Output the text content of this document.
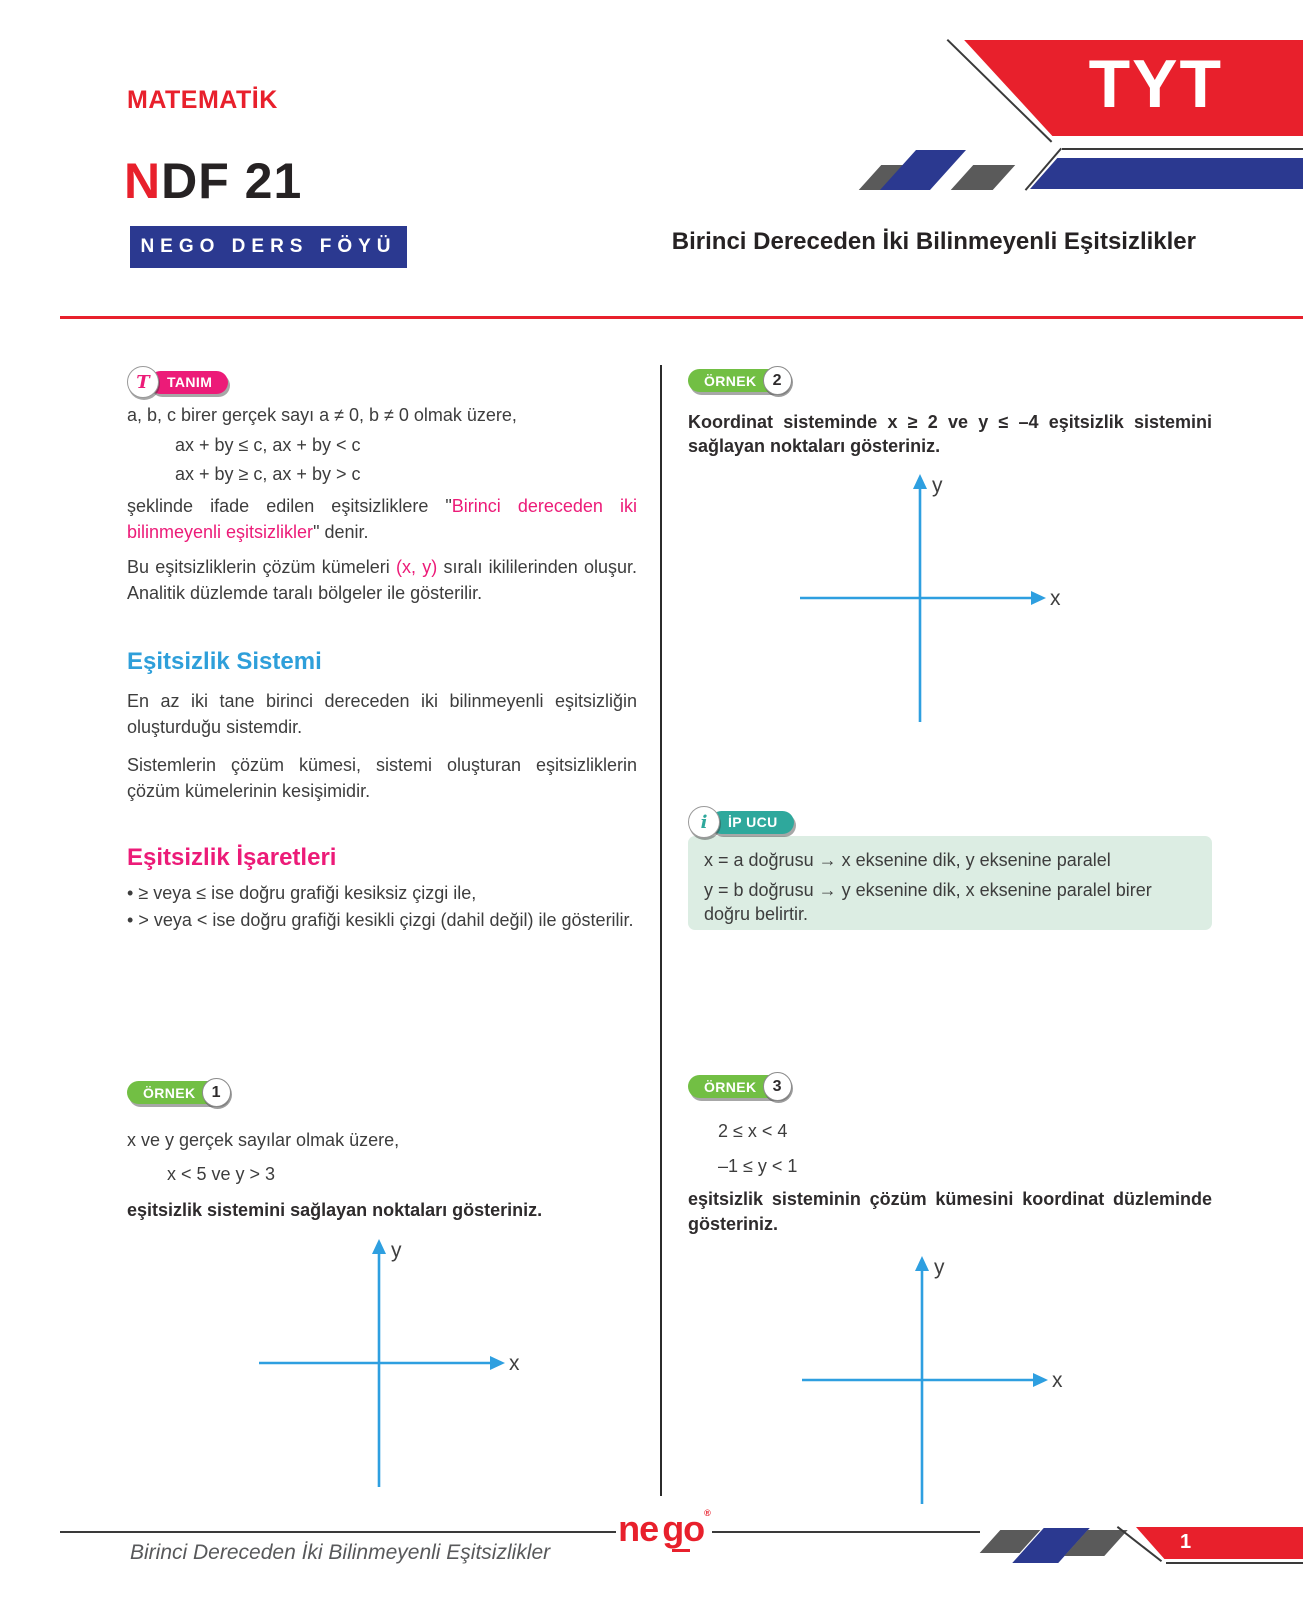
MATEMATİK
NDF 21
NEGO DERS FÖYÜ
TYT
Birinci Dereceden İki Bilinmeyenli Eşitsizlikler
T	TANIM

a, b, c birer gerçek sayı a ≠ 0, b ≠ 0 olmak üzere,

ax + by ≤ c, ax + by < c

ax + by ≥ c, ax + by > c

şeklinde ifade edilen eşitsizliklere "Birinci dereceden iki bilinmeyenli eşitsizlikler" denir.

Bu eşitsizliklerin çözüm kümeleri (x, y) sıralı ikililerinden oluşur. Analitik düzlemde taralı bölgeler ile gösterilir.

Eşitsizlik Sistemi

En az iki tane birinci dereceden iki bilinmeyenli eşitsizliğin oluşturduğu sistemdir.

Sistemlerin çözüm kümesi, sistemi oluşturan eşitsizliklerin çözüm kümelerinin kesişimidir.

Eşitsizlik İşaretleri

• ≥ veya ≤ ise doğru grafiği kesiksiz çizgi ile,

• > veya < ise doğru grafiği kesikli çizgi (dahil değil) ile gösterilir.

ÖRNEK	1

x ve y gerçek sayılar olmak üzere,

x < 5 ve y > 3

eşitsizlik sistemini sağlayan noktaları gösteriniz.

y
x
ÖRNEK	2
Koordinat sisteminde x ≥ 2 ve y ≤ –4 eşitsizlik sistemini sağlayan noktaları gösteriniz.
y
x
i	İP UCU

x = a doğrusu → x eksenine dik, y eksenine paralel

y = b doğrusu → y eksenine dik, x eksenine paralel birer doğru belirtir.

ÖRNEK	3

2 ≤ x < 4

–1 ≤ y < 1

eşitsizlik sisteminin çözüm kümesini koordinat düzleminde gösteriniz.

y
x
Birinci Dereceden İki Bilinmeyenli Eşitsizlikler
ne go ®
1
